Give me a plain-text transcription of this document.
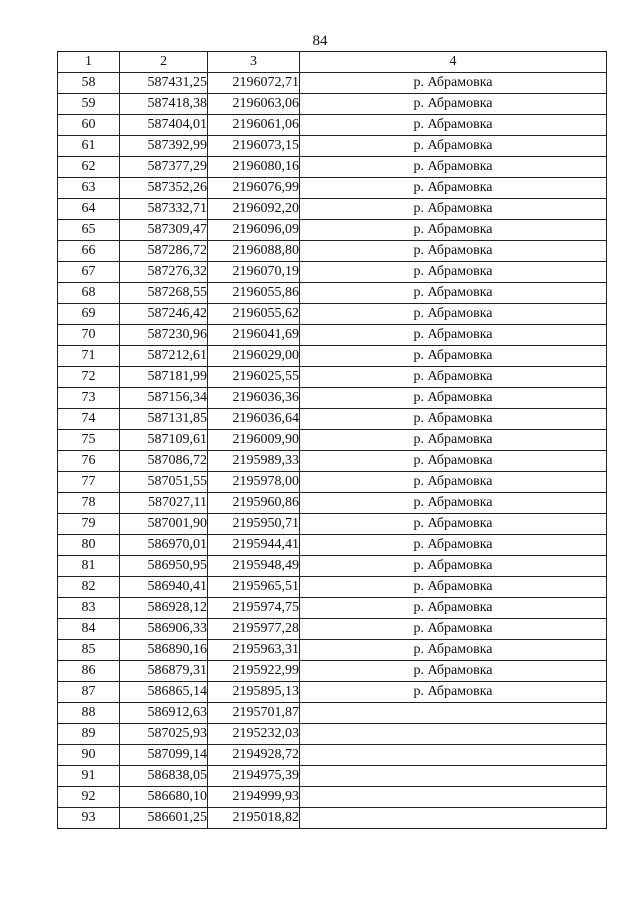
84
1	2	3	4
58	587431,25	2196072,71	р. Абрамовка
59	587418,38	2196063,06	р. Абрамовка
60	587404,01	2196061,06	р. Абрамовка
61	587392,99	2196073,15	р. Абрамовка
62	587377,29	2196080,16	р. Абрамовка
63	587352,26	2196076,99	р. Абрамовка
64	587332,71	2196092,20	р. Абрамовка
65	587309,47	2196096,09	р. Абрамовка
66	587286,72	2196088,80	р. Абрамовка
67	587276,32	2196070,19	р. Абрамовка
68	587268,55	2196055,86	р. Абрамовка
69	587246,42	2196055,62	р. Абрамовка
70	587230,96	2196041,69	р. Абрамовка
71	587212,61	2196029,00	р. Абрамовка
72	587181,99	2196025,55	р. Абрамовка
73	587156,34	2196036,36	р. Абрамовка
74	587131,85	2196036,64	р. Абрамовка
75	587109,61	2196009,90	р. Абрамовка
76	587086,72	2195989,33	р. Абрамовка
77	587051,55	2195978,00	р. Абрамовка
78	587027,11	2195960,86	р. Абрамовка
79	587001,90	2195950,71	р. Абрамовка
80	586970,01	2195944,41	р. Абрамовка
81	586950,95	2195948,49	р. Абрамовка
82	586940,41	2195965,51	р. Абрамовка
83	586928,12	2195974,75	р. Абрамовка
84	586906,33	2195977,28	р. Абрамовка
85	586890,16	2195963,31	р. Абрамовка
86	586879,31	2195922,99	р. Абрамовка
87	586865,14	2195895,13	р. Абрамовка
88	586912,63	2195701,87	
89	587025,93	2195232,03	
90	587099,14	2194928,72	
91	586838,05	2194975,39	
92	586680,10	2194999,93	
93	586601,25	2195018,82	
